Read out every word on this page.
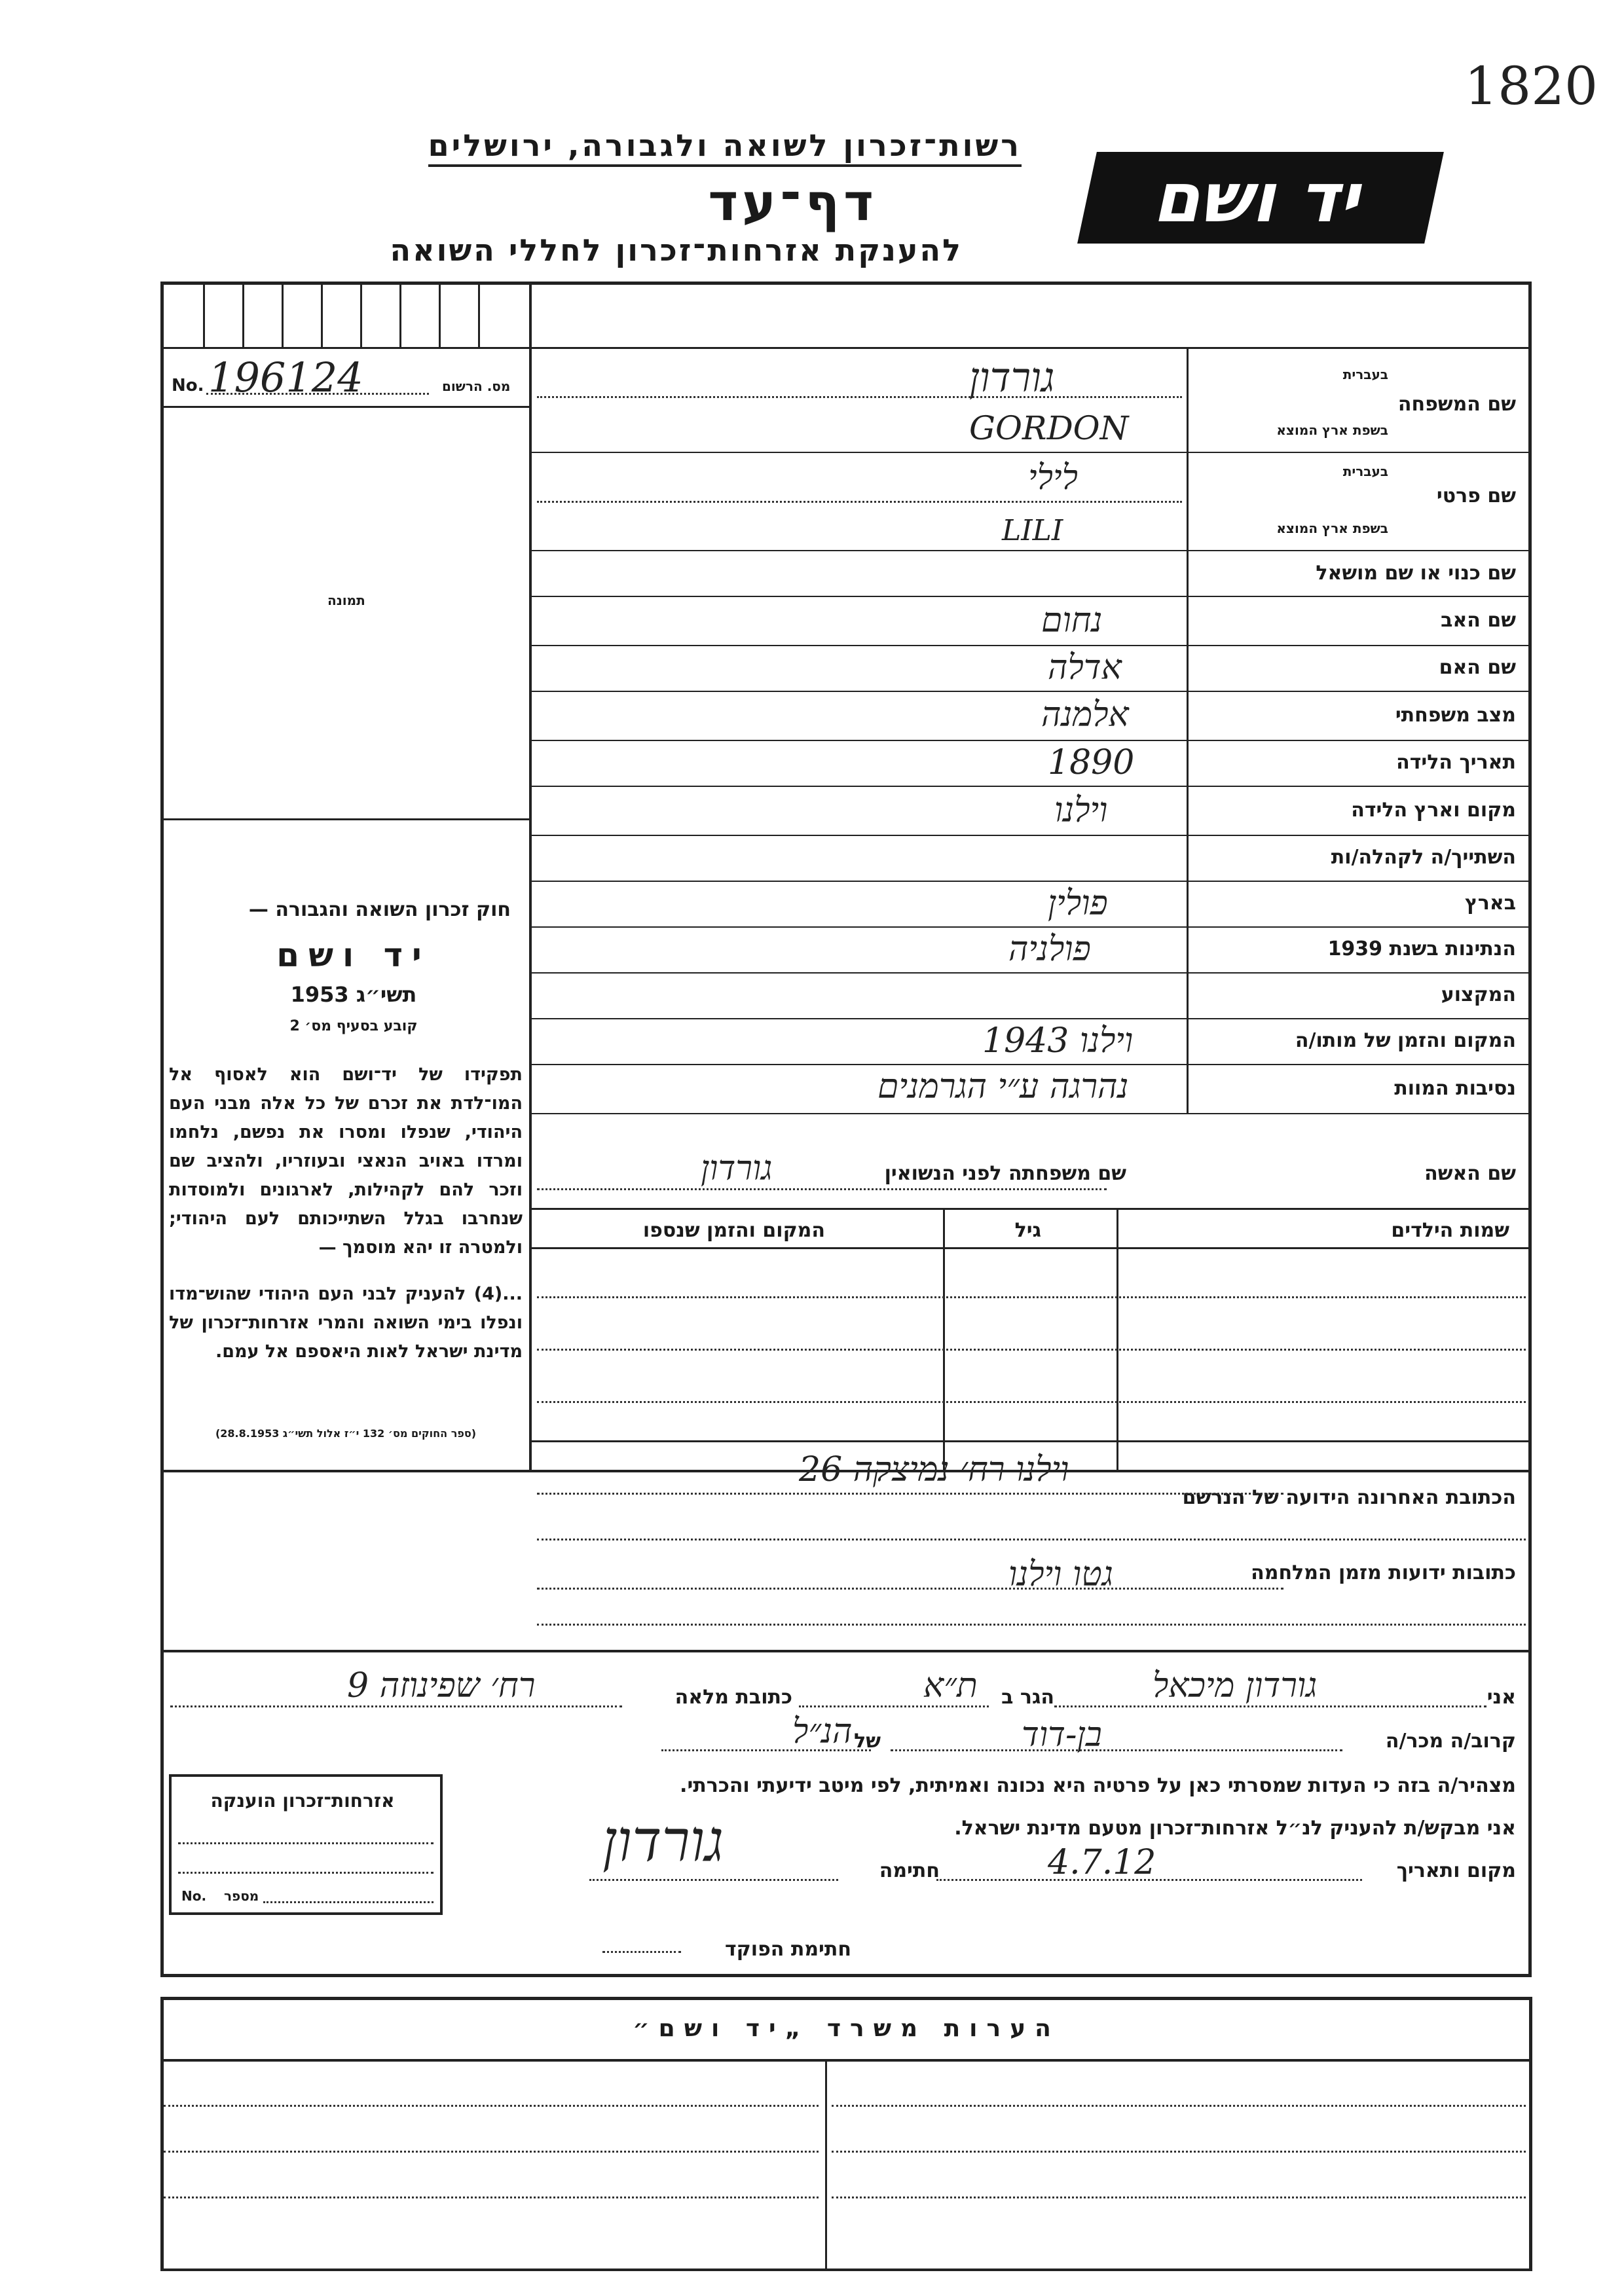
1820
רשות־זכרון לשואה ולגבורה, ירושלים
דף־עד
להענקת אזרחות־זכרון לחללי השואה
יד ושם
No. 196124	מס. הרשום
תמונה
חוק זכרון השואה והגבורה —
יד ושם
תשי״ג 1953
קובע בסעיף מס׳ 2
תפקידו של יד־ושם הוא לאסוף אל המו־לדת את זכרם של כל אלה מבני העם היהודי, שנפלו ומסרו את נפשם, נלחמו ומרדו באויב הנאצי ובעוזריו, ולהציב שם וזכר להם לקהילות, לארגונים ולמוסדות שנחרבו בגלל השתייכותם לעם היהודי; ולמטרה זו יהא מוסמך —
...(4) להעניק לבני העם היהודי שהוש־מדו ונפלו בימי השואה והמרי אזרחות־זכרון של מדינת ישראל לאות היאספם אל עמם.
(ספר החוקים מס׳ 132 י״ז אלול תשי״ג 28.8.1953)
שם המשפחה
בעברית
בשפת ארץ המוצא
גורדון
GORDON
שם פרטי
בעברית
בשפת ארץ המוצא
לילי
LILI
שם כנוי או שם מושאל
שם האב
נחום
שם האם
אדלה
מצב משפחתי
אלמנה
תאריך הלידה
1890
מקום וארץ הלידה
וילנו
השתייך/ה לקהלה/ות
בארץ
פולין
הנתינות בשנת 1939
פולניה
המקצוע
המקום והזמן של מותו/ה
וילנו 1943
נסיבות המוות
נהרגה ע״י הגרמנים
שם האשה
שם משפחתה לפני הנשואין
גורדון
שמות הילדים
גיל
המקום והזמן שנספו
הכתובת האחרונה הידועה של הנרשם
וילנו רח׳ נמיצקה 26
כתובות ידועות מזמן המלחמה
גטו וילנו
אני
גורדון מיכאל
הגר ב
ת״א
כתובת מלאה
רח׳ שפינוזה 9
קרוב/ה מכר/ה
בן-דוד
של
הנ״ל
מצהיר/ה בזה כי העדות שמסרתי כאן על פרטיה היא נכונה ואמיתית, לפי מיטב ידיעתי והכרתי.
אני מבקש/ת להעניק לנ״ל אזרחות־זכרון מטעם מדינת ישראל.
מקום ותאריך
4.7.12
חתימה
גורדון
חתימת הפוקד
אזרחות־זכרון הוענקה
No. מספר
הערות משרד „יד ושם״
